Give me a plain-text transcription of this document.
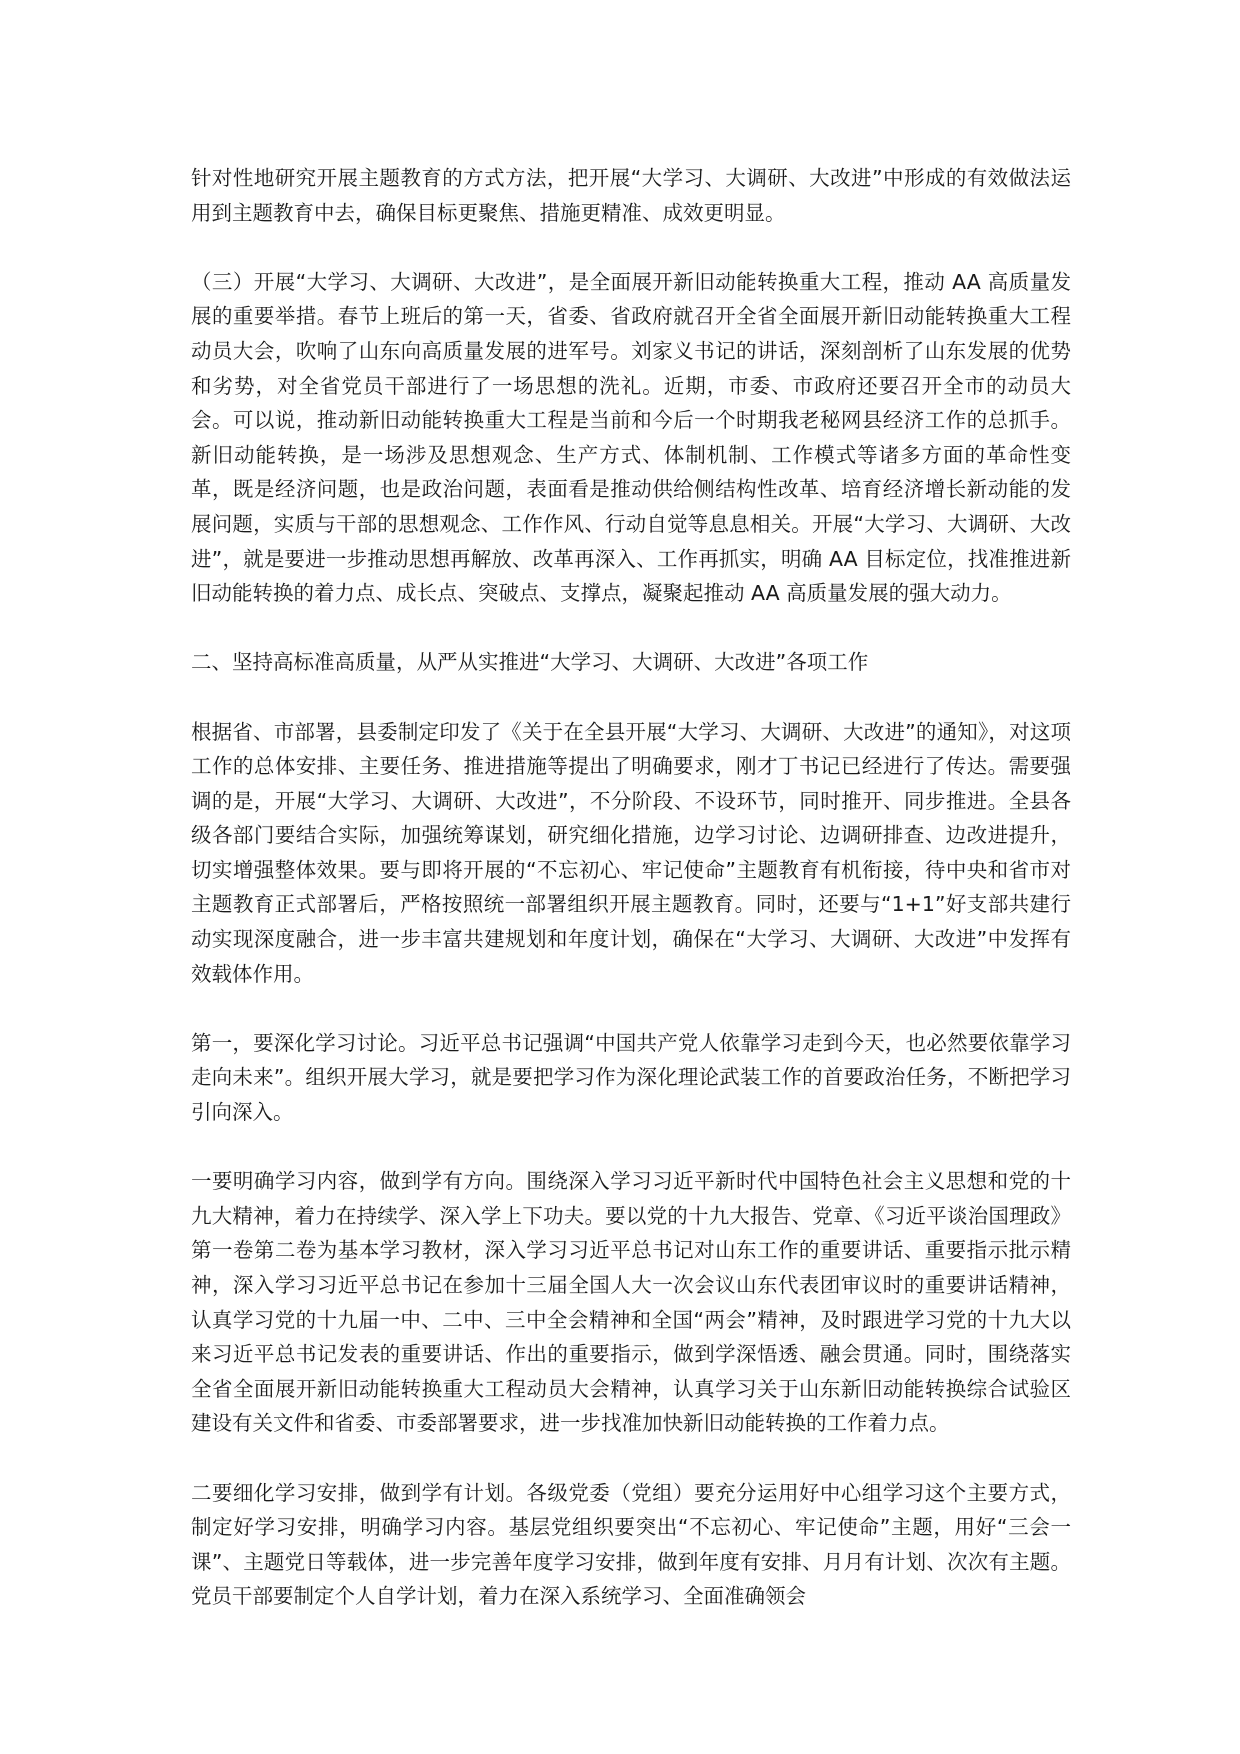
针对性地研究开展主题教育的方式方法，把开展“大学习、大调研、大改进”中形成的有效做法运用到主题教育中去，确保目标更聚焦、措施更精准、成效更明显。

（三）开展“大学习、大调研、大改进”，是全面展开新旧动能转换重大工程，推动 AA 高质量发展的重要举措。春节上班后的第一天，省委、省政府就召开全省全面展开新旧动能转换重大工程动员大会，吹响了山东向高质量发展的进军号。刘家义书记的讲话，深刻剖析了山东发展的优势和劣势，对全省党员干部进行了一场思想的洗礼。近期，市委、市政府还要召开全市的动员大会。可以说，推动新旧动能转换重大工程是当前和今后一个时期我老秘网县经济工作的总抓手。新旧动能转换，是一场涉及思想观念、生产方式、体制机制、工作模式等诸多方面的革命性变革，既是经济问题，也是政治问题，表面看是推动供给侧结构性改革、培育经济增长新动能的发展问题，实质与干部的思想观念、工作作风、行动自觉等息息相关。开展“大学习、大调研、大改进”，就是要进一步推动思想再解放、改革再深入、工作再抓实，明确 AA 目标定位，找准推进新旧动能转换的着力点、成长点、突破点、支撑点，凝聚起推动 AA 高质量发展的强大动力。

二、坚持高标准高质量，从严从实推进“大学习、大调研、大改进”各项工作

根据省、市部署，县委制定印发了《关于在全县开展“大学习、大调研、大改进”的通知》，对这项工作的总体安排、主要任务、推进措施等提出了明确要求，刚才丁书记已经进行了传达。需要强调的是，开展“大学习、大调研、大改进”，不分阶段、不设环节，同时推开、同步推进。全县各级各部门要结合实际，加强统筹谋划，研究细化措施，边学习讨论、边调研排查、边改进提升，切实增强整体效果。要与即将开展的“不忘初心、牢记使命”主题教育有机衔接，待中央和省市对主题教育正式部署后，严格按照统一部署组织开展主题教育。同时，还要与“1+1”好支部共建行动实现深度融合，进一步丰富共建规划和年度计划，确保在“大学习、大调研、大改进”中发挥有效载体作用。

第一，要深化学习讨论。习近平总书记强调“中国共产党人依靠学习走到今天，也必然要依靠学习走向未来”。组织开展大学习，就是要把学习作为深化理论武装工作的首要政治任务，不断把学习引向深入。

一要明确学习内容，做到学有方向。围绕深入学习习近平新时代中国特色社会主义思想和党的十九大精神，着力在持续学、深入学上下功夫。要以党的十九大报告、党章、《习近平谈治国理政》第一卷第二卷为基本学习教材，深入学习习近平总书记对山东工作的重要讲话、重要指示批示精神，深入学习习近平总书记在参加十三届全国人大一次会议山东代表团审议时的重要讲话精神，认真学习党的十九届一中、二中、三中全会精神和全国“两会”精神，及时跟进学习党的十九大以来习近平总书记发表的重要讲话、作出的重要指示，做到学深悟透、融会贯通。同时，围绕落实全省全面展开新旧动能转换重大工程动员大会精神，认真学习关于山东新旧动能转换综合试验区建设有关文件和省委、市委部署要求，进一步找准加快新旧动能转换的工作着力点。

二要细化学习安排，做到学有计划。各级党委（党组）要充分运用好中心组学习这个主要方式，制定好学习安排，明确学习内容。基层党组织要突出“不忘初心、牢记使命”主题，用好“三会一课”、主题党日等载体，进一步完善年度学习安排，做到年度有安排、月月有计划、次次有主题。党员干部要制定个人自学计划，着力在深入系统学习、全面准确领会
